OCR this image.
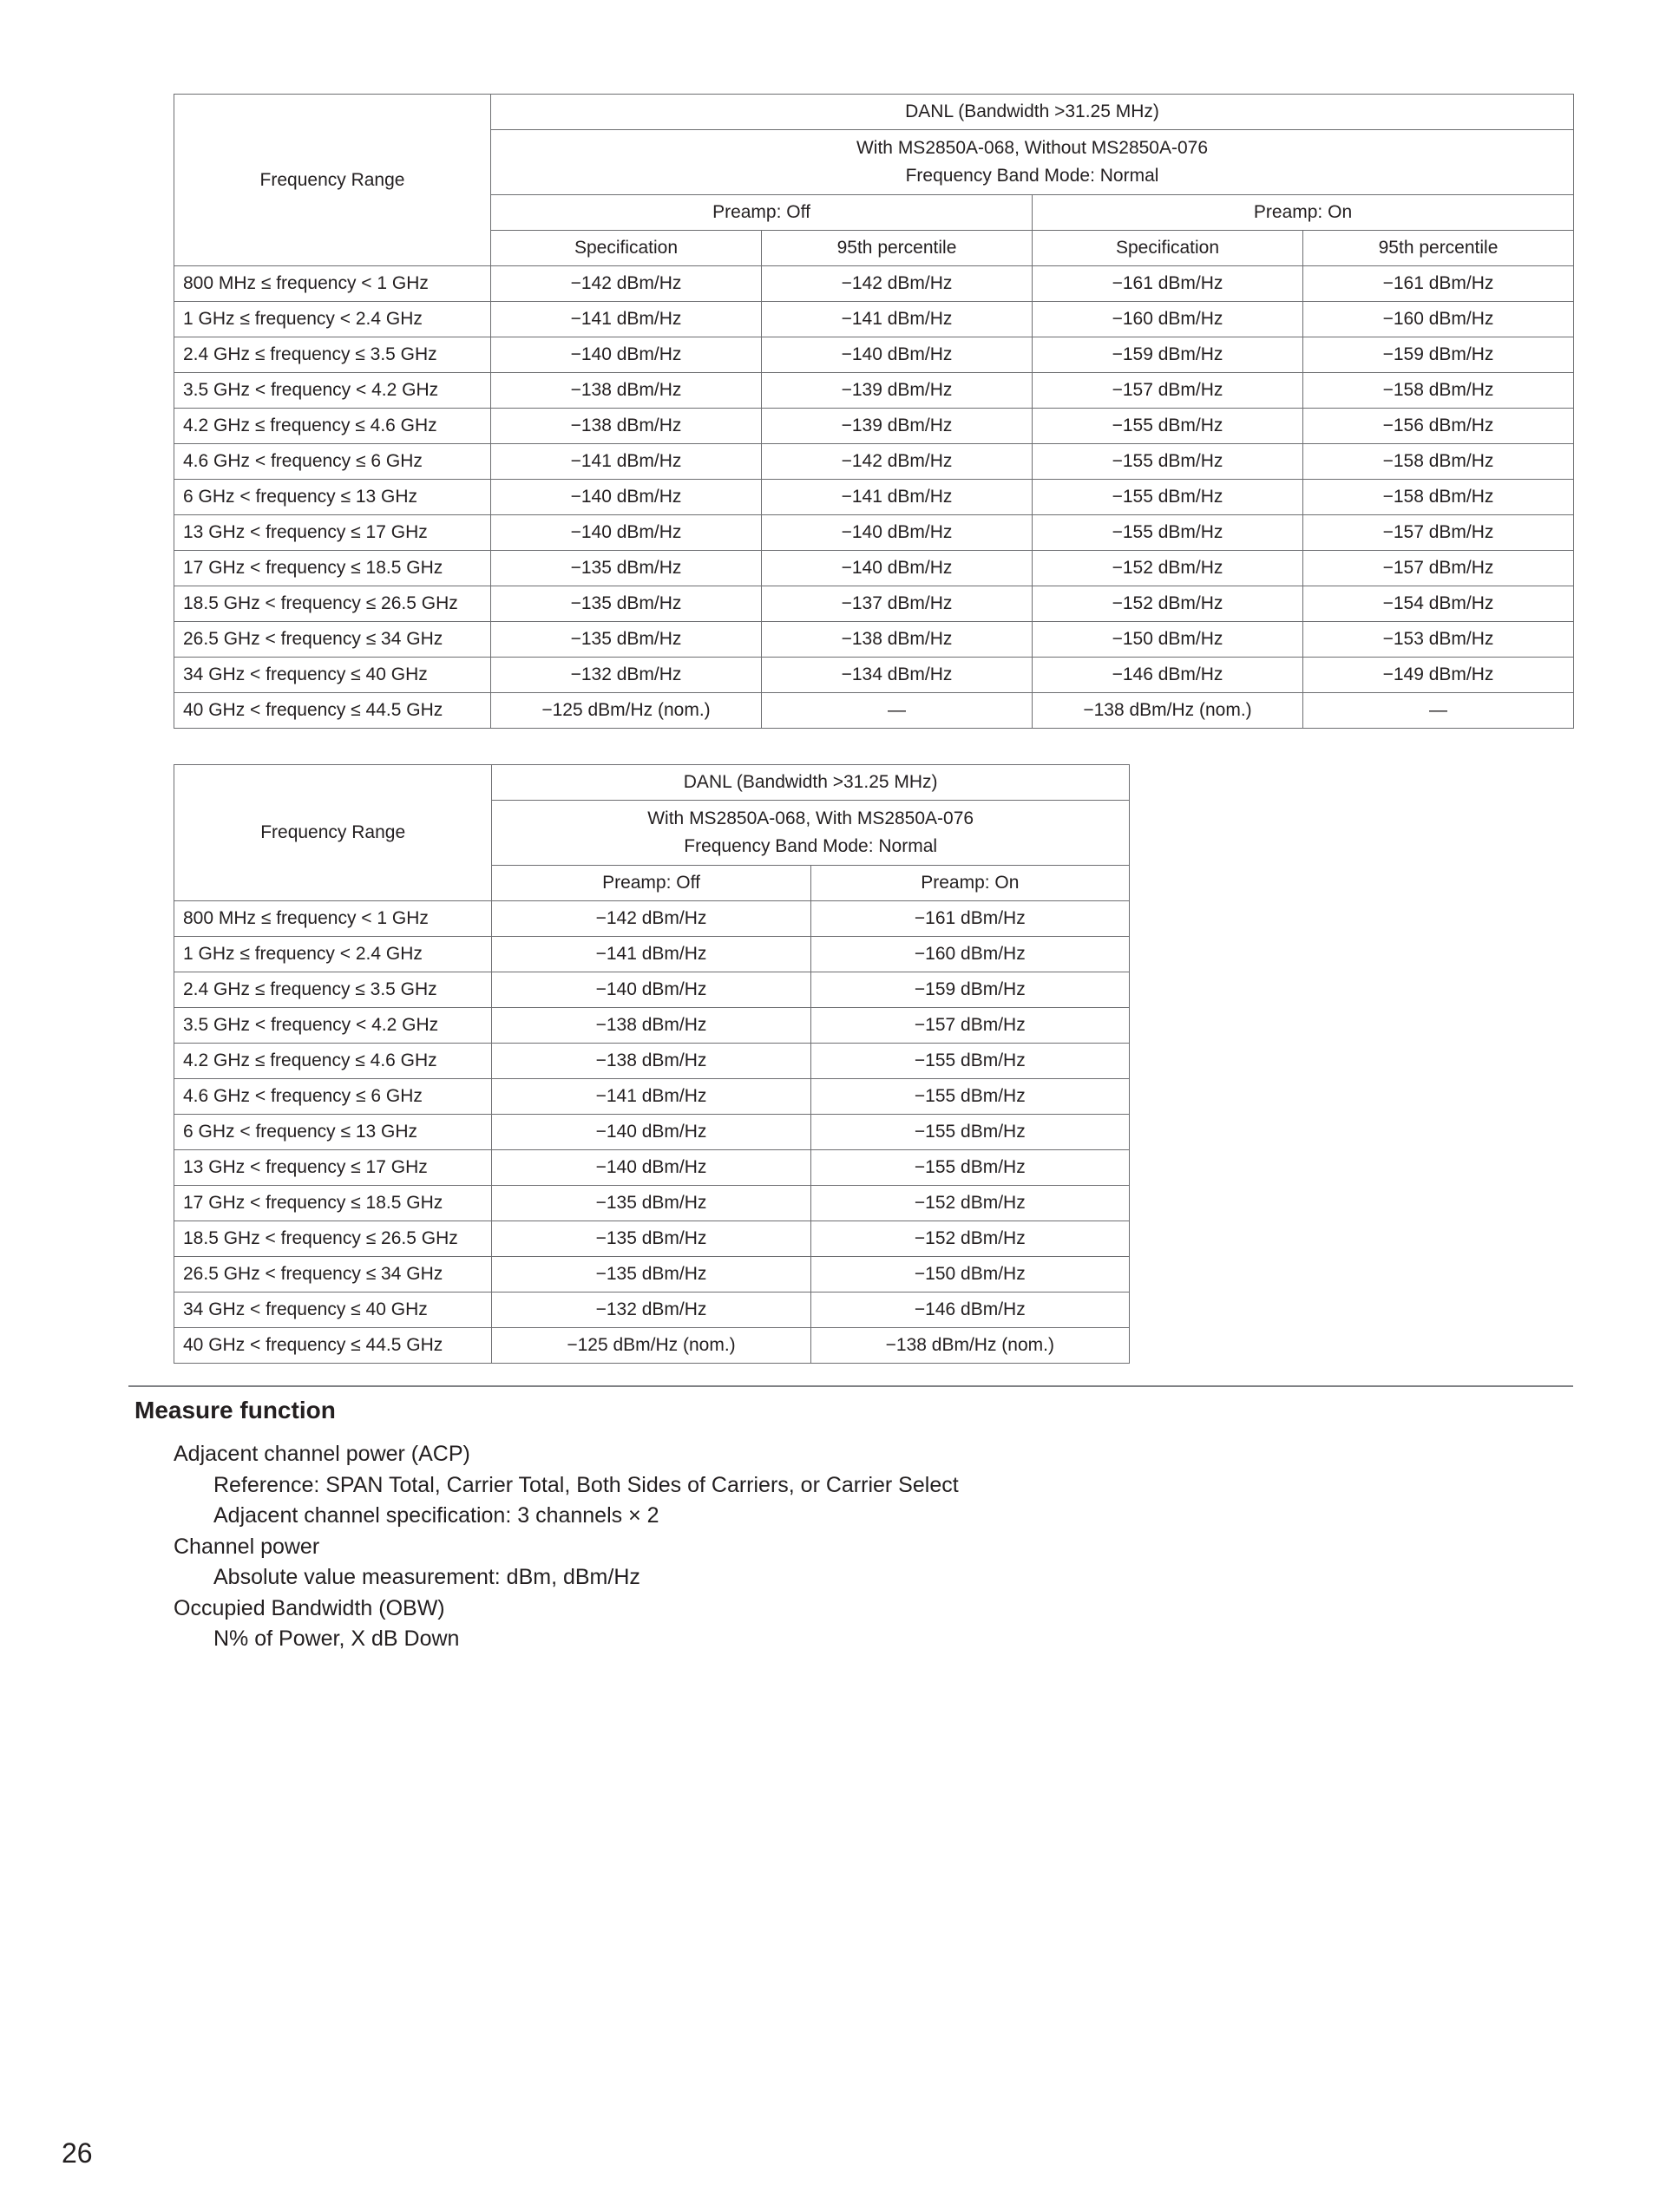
Frequency Range	DANL (Bandwidth >31.25 MHz)			

	With MS2850A-068, Without MS2850A-076
Frequency Band Mode: Normal			

	Preamp: Off		Preamp: On	
	Specification	95th percentile	Specification	95th percentile
800 MHz ≤ frequency < 1 GHz	−142 dBm/Hz	−142 dBm/Hz	−161 dBm/Hz	−161 dBm/Hz
1 GHz ≤ frequency < 2.4 GHz	−141 dBm/Hz	−141 dBm/Hz	−160 dBm/Hz	−160 dBm/Hz
2.4 GHz ≤ frequency ≤ 3.5 GHz	−140 dBm/Hz	−140 dBm/Hz	−159 dBm/Hz	−159 dBm/Hz
3.5 GHz < frequency < 4.2 GHz	−138 dBm/Hz	−139 dBm/Hz	−157 dBm/Hz	−158 dBm/Hz
4.2 GHz ≤ frequency ≤ 4.6 GHz	−138 dBm/Hz	−139 dBm/Hz	−155 dBm/Hz	−156 dBm/Hz
4.6 GHz < frequency ≤ 6 GHz	−141 dBm/Hz	−142 dBm/Hz	−155 dBm/Hz	−158 dBm/Hz
6 GHz < frequency ≤ 13 GHz	−140 dBm/Hz	−141 dBm/Hz	−155 dBm/Hz	−158 dBm/Hz
13 GHz < frequency ≤ 17 GHz	−140 dBm/Hz	−140 dBm/Hz	−155 dBm/Hz	−157 dBm/Hz
17 GHz < frequency ≤ 18.5 GHz	−135 dBm/Hz	−140 dBm/Hz	−152 dBm/Hz	−157 dBm/Hz
18.5 GHz < frequency ≤ 26.5 GHz	−135 dBm/Hz	−137 dBm/Hz	−152 dBm/Hz	−154 dBm/Hz
26.5 GHz < frequency ≤ 34 GHz	−135 dBm/Hz	−138 dBm/Hz	−150 dBm/Hz	−153 dBm/Hz
34 GHz < frequency ≤ 40 GHz	−132 dBm/Hz	−134 dBm/Hz	−146 dBm/Hz	−149 dBm/Hz
40 GHz < frequency ≤ 44.5 GHz	−125 dBm/Hz (nom.)	—	−138 dBm/Hz (nom.)	—
Frequency Range	DANL (Bandwidth >31.25 MHz)	

	With MS2850A-068, With MS2850A-076
Frequency Band Mode: Normal	

	Preamp: Off	Preamp: On
800 MHz ≤ frequency < 1 GHz	−142 dBm/Hz	−161 dBm/Hz
1 GHz ≤ frequency < 2.4 GHz	−141 dBm/Hz	−160 dBm/Hz
2.4 GHz ≤ frequency ≤ 3.5 GHz	−140 dBm/Hz	−159 dBm/Hz
3.5 GHz < frequency < 4.2 GHz	−138 dBm/Hz	−157 dBm/Hz
4.2 GHz ≤ frequency ≤ 4.6 GHz	−138 dBm/Hz	−155 dBm/Hz
4.6 GHz < frequency ≤ 6 GHz	−141 dBm/Hz	−155 dBm/Hz
6 GHz < frequency ≤ 13 GHz	−140 dBm/Hz	−155 dBm/Hz
13 GHz < frequency ≤ 17 GHz	−140 dBm/Hz	−155 dBm/Hz
17 GHz < frequency ≤ 18.5 GHz	−135 dBm/Hz	−152 dBm/Hz
18.5 GHz < frequency ≤ 26.5 GHz	−135 dBm/Hz	−152 dBm/Hz
26.5 GHz < frequency ≤ 34 GHz	−135 dBm/Hz	−150 dBm/Hz
34 GHz < frequency ≤ 40 GHz	−132 dBm/Hz	−146 dBm/Hz
40 GHz < frequency ≤ 44.5 GHz	−125 dBm/Hz (nom.)	−138 dBm/Hz (nom.)
Measure function
Adjacent channel power (ACP)
Reference: SPAN Total, Carrier Total, Both Sides of Carriers, or Carrier Select
Adjacent channel specification: 3 channels × 2
Channel power
Absolute value measurement: dBm, dBm/Hz
Occupied Bandwidth (OBW)
N% of Power, X dB Down
26
